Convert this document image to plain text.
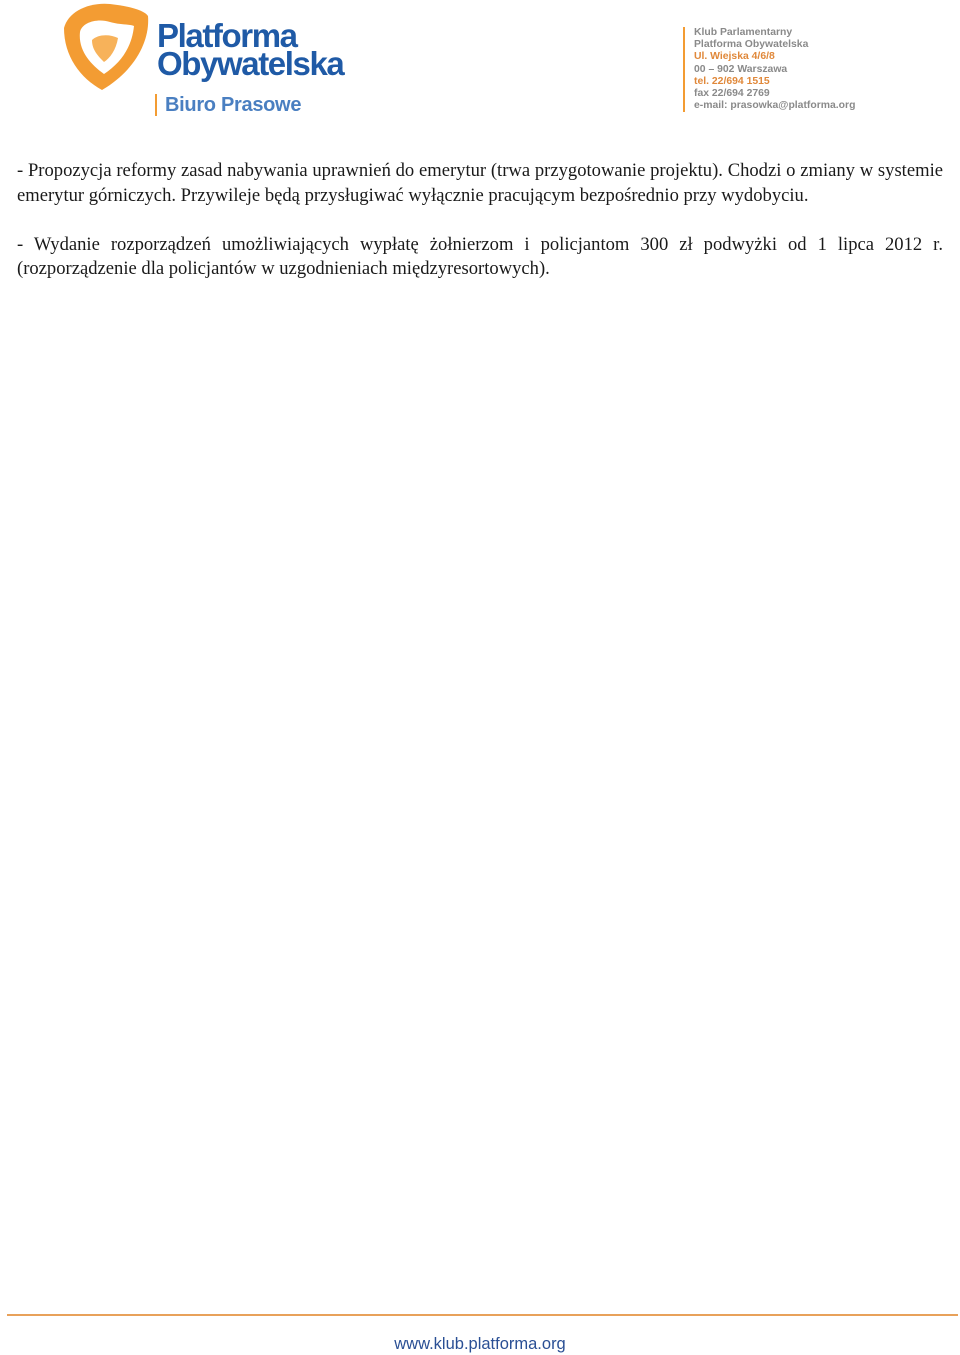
Platforma
Obywatelska
Biuro Prasowe
Klub Parlamentarny
Platforma Obywatelska
Ul. Wiejska 4/6/8
00 – 902 Warszawa
tel. 22/694 1515
fax 22/694 2769
e-mail: prasowka@platforma.org

- Propozycja reformy zasad nabywania uprawnień do emerytur (trwa przygotowanie projektu). Chodzi o zmiany w systemie emerytur górniczych. Przywileje będą przysługiwać wyłącznie pracującym bezpośrednio przy wydobyciu.

- Wydanie rozporządzeń umożliwiających wypłatę żołnierzom i policjantom 300 zł podwyżki od 1 lipca 2012 r. (rozporządzenie dla policjantów w uzgodnieniach międzyresortowych).

www.klub.platforma.org
